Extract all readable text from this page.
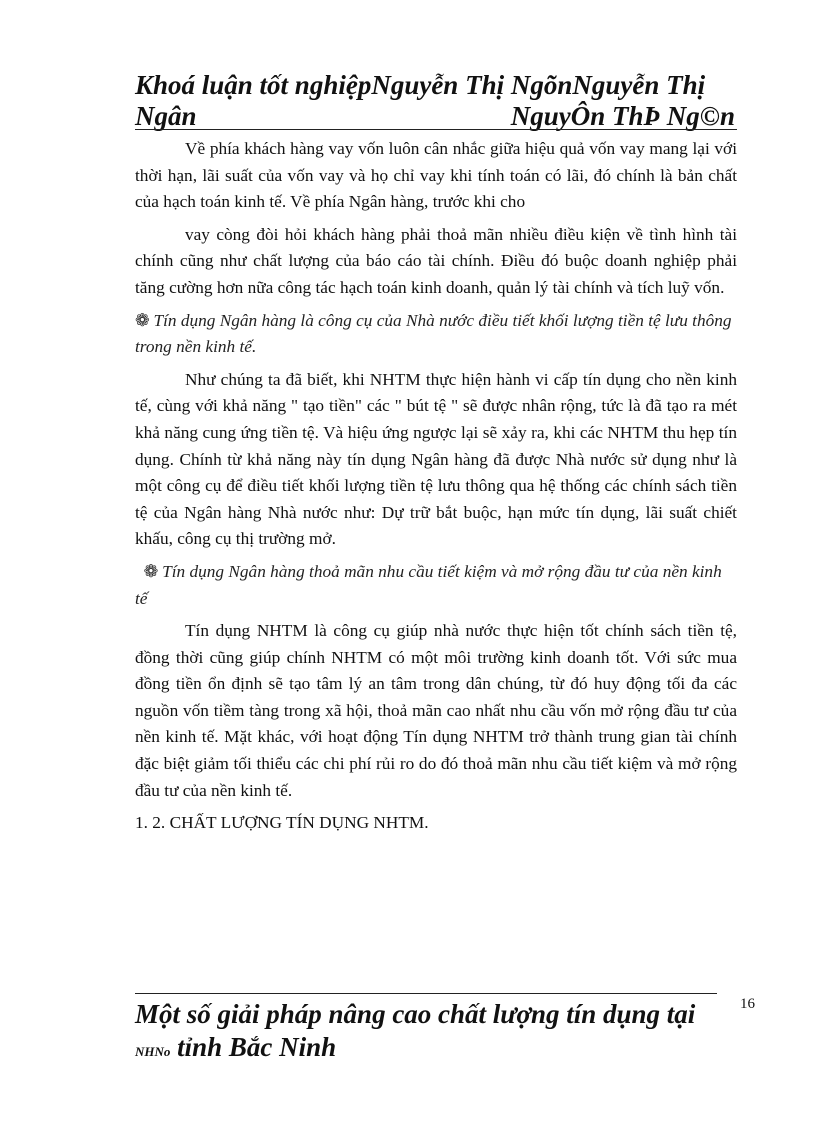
Khoá luận tốt nghiệpNguyễn Thị NgõnNguyễn Thị
Ngân	NguyÔn ThÞ Ng©n

Về phía khách hàng vay vốn luôn cân nhắc giữa hiệu quả vốn vay mang lại với thời hạn, lãi suất của vốn vay và họ chỉ vay khi tính toán có lãi, đó chính là bản chất của hạch toán kinh tế. Về phía Ngân hàng, trước khi cho

vay còng đòi hỏi khách hàng phải thoả mãn nhiều điều kiện về tình hình tài chính cũng như chất lượng của báo cáo tài chính. Điều đó buộc doanh nghiệp phải tăng cường hơn nữa công tác hạch toán kinh doanh, quản lý tài chính và tích luỹ vốn.

❁ Tín dụng Ngân hàng là công cụ của Nhà nước điều tiết khối lượng tiền tệ lưu thông trong nền kinh tế.

Như chúng ta đã biết, khi NHTM thực hiện hành vi cấp tín dụng cho nền kinh tế, cùng với khả năng " tạo tiền" các " bút tệ " sẽ được nhân rộng, tức là đã tạo ra mét khả năng cung ứng tiền tệ. Và hiệu ứng ngược lại sẽ xảy ra, khi các NHTM thu hẹp tín dụng. Chính từ khả năng này tín dụng Ngân hàng đã được Nhà nước sử dụng như là một công cụ để điều tiết khối lượng tiền tệ lưu thông qua hệ thống các chính sách tiền tệ của Ngân hàng Nhà nước như: Dự trữ bắt buộc, hạn mức tín dụng, lãi suất chiết khấu, công cụ thị trường mở.

❁ Tín dụng Ngân hàng thoả mãn nhu cầu tiết kiệm và mở rộng đầu tư của nền kinh tế

Tín dụng NHTM là công cụ giúp nhà nước thực hiện tốt chính sách tiền tệ, đồng thời cũng giúp chính NHTM có một môi trường kinh doanh tốt. Với sức mua đồng tiền ổn định sẽ tạo tâm lý an tâm trong dân chúng, từ đó huy động tối đa các nguồn vốn tiềm tàng trong xã hội, thoả mãn cao nhất nhu cầu vốn mở rộng đầu tư của nền kinh tế. Mặt khác, với hoạt động Tín dụng NHTM trở thành trung gian tài chính đặc biệt giảm tối thiểu các chi phí rủi ro do đó thoả mãn nhu cầu tiết kiệm và mở rộng đầu tư của nền kinh tế.

1. 2. CHẤT LƯỢNG TÍN DỤNG NHTM.

Một số giải pháp nâng cao chất lượng tín dụng tại
NHNo tỉnh Bắc Ninh
16
